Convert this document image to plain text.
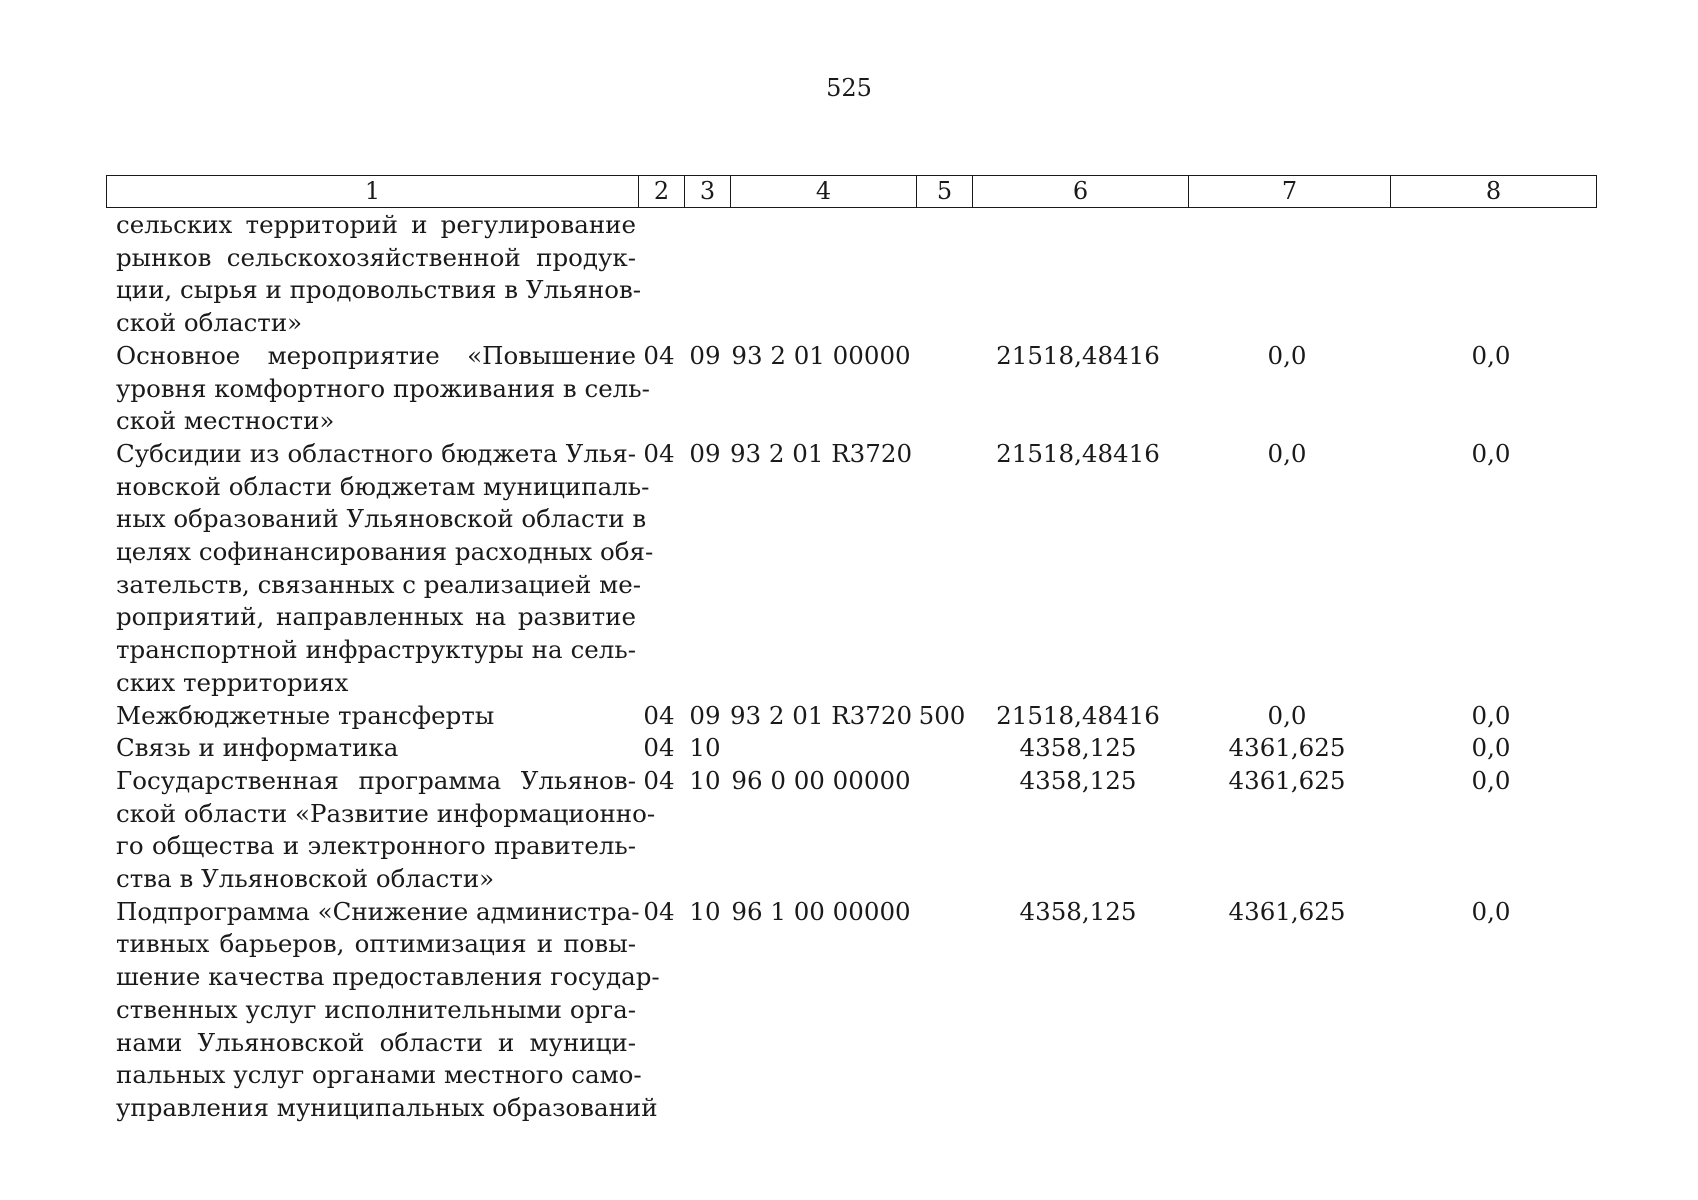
525
1	2	3	4	5	6	7	8
сельских территорий и регулирование
рынков сельскохозяйственной продук-
ции, сырья и продовольствия в Ульянов-
ской области»
Основное мероприятие «Повышение
уровня комфортного проживания в сель-
ской местности»
04 09 93 2 01 00000	21518,48416	0,0	0,0
Субсидии из областного бюджета Улья-
новской области бюджетам муниципаль-
ных образований Ульяновской области в
целях софинансирования расходных обя-
зательств, связанных с реализацией ме-
роприятий, направленных на развитие
транспортной инфраструктуры на сель-
ских территориях
04 09 93 2 01 R3720	21518,48416	0,0	0,0
Межбюджетные трансферты	04 09 93 2 01 R3720 500	21518,48416	0,0	0,0
Связь и информатика	04 10	4358,125	4361,625	0,0
Государственная программа Ульянов-
ской области «Развитие информационно-
го общества и электронного правитель-
ства в Ульяновской области»
04 10 96 0 00 00000	4358,125	4361,625	0,0
Подпрограмма «Снижение администра-
тивных барьеров, оптимизация и повы-
шение качества предоставления государ-
ственных услуг исполнительными орга-
нами Ульяновской области и муници-
пальных услуг органами местного само-
управления муниципальных образований
04 10 96 1 00 00000	4358,125	4361,625	0,0
